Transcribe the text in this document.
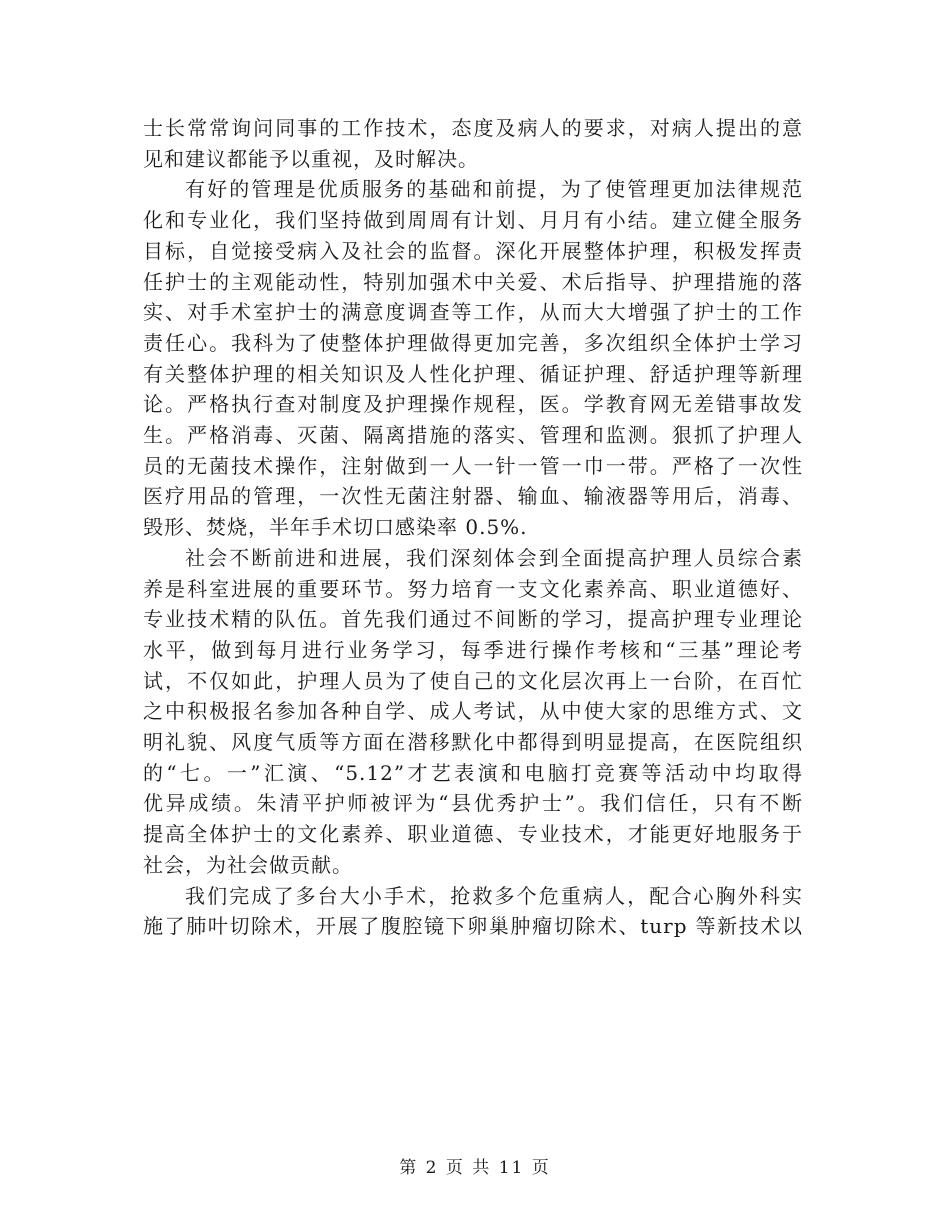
士长常常询问同事的工作技术，态度及病人的要求，对病人提出的意
见和建议都能予以重视，及时解决。

有好的管理是优质服务的基础和前提，为了使管理更加法律规范
化和专业化，我们坚持做到周周有计划、月月有小结。建立健全服务
目标，自觉接受病入及社会的监督。深化开展整体护理，积极发挥责
任护士的主观能动性，特别加强术中关爱、术后指导、护理措施的落
实、对手术室护士的满意度调查等工作，从而大大增强了护士的工作
责任心。我科为了使整体护理做得更加完善，多次组织全体护士学习
有关整体护理的相关知识及人性化护理、循证护理、舒适护理等新理
论。严格执行查对制度及护理操作规程，医。学教育网无差错事故发
生。严格消毒、灭菌、隔离措施的落实、管理和监测。狠抓了护理人
员的无菌技术操作，注射做到一人一针一管一巾一带。严格了一次性
医疗用品的管理，一次性无菌注射器、输血、输液器等用后，消毒、
毁形、焚烧，半年手术切口感染率 0.5%.

社会不断前进和进展，我们深刻体会到全面提高护理人员综合素
养是科室进展的重要环节。努力培育一支文化素养高、职业道德好、
专业技术精的队伍。首先我们通过不间断的学习，提高护理专业理论
水平，做到每月进行业务学习，每季进行操作考核和“三基”理论考
试，不仅如此，护理人员为了使自己的文化层次再上一台阶，在百忙
之中积极报名参加各种自学、成人考试，从中使大家的思维方式、文
明礼貌、风度气质等方面在潜移默化中都得到明显提高，在医院组织
的“七。一”汇演、“5.12”才艺表演和电脑打竞赛等活动中均取得
优异成绩。朱清平护师被评为“县优秀护士”。我们信任，只有不断
提高全体护士的文化素养、职业道德、专业技术，才能更好地服务于
社会，为社会做贡献。

我们完成了多台大小手术，抢救多个危重病人，配合心胸外科实
施了肺叶切除术，开展了腹腔镜下卵巢肿瘤切除术、turp 等新技术以

第 2 页 共 11 页
